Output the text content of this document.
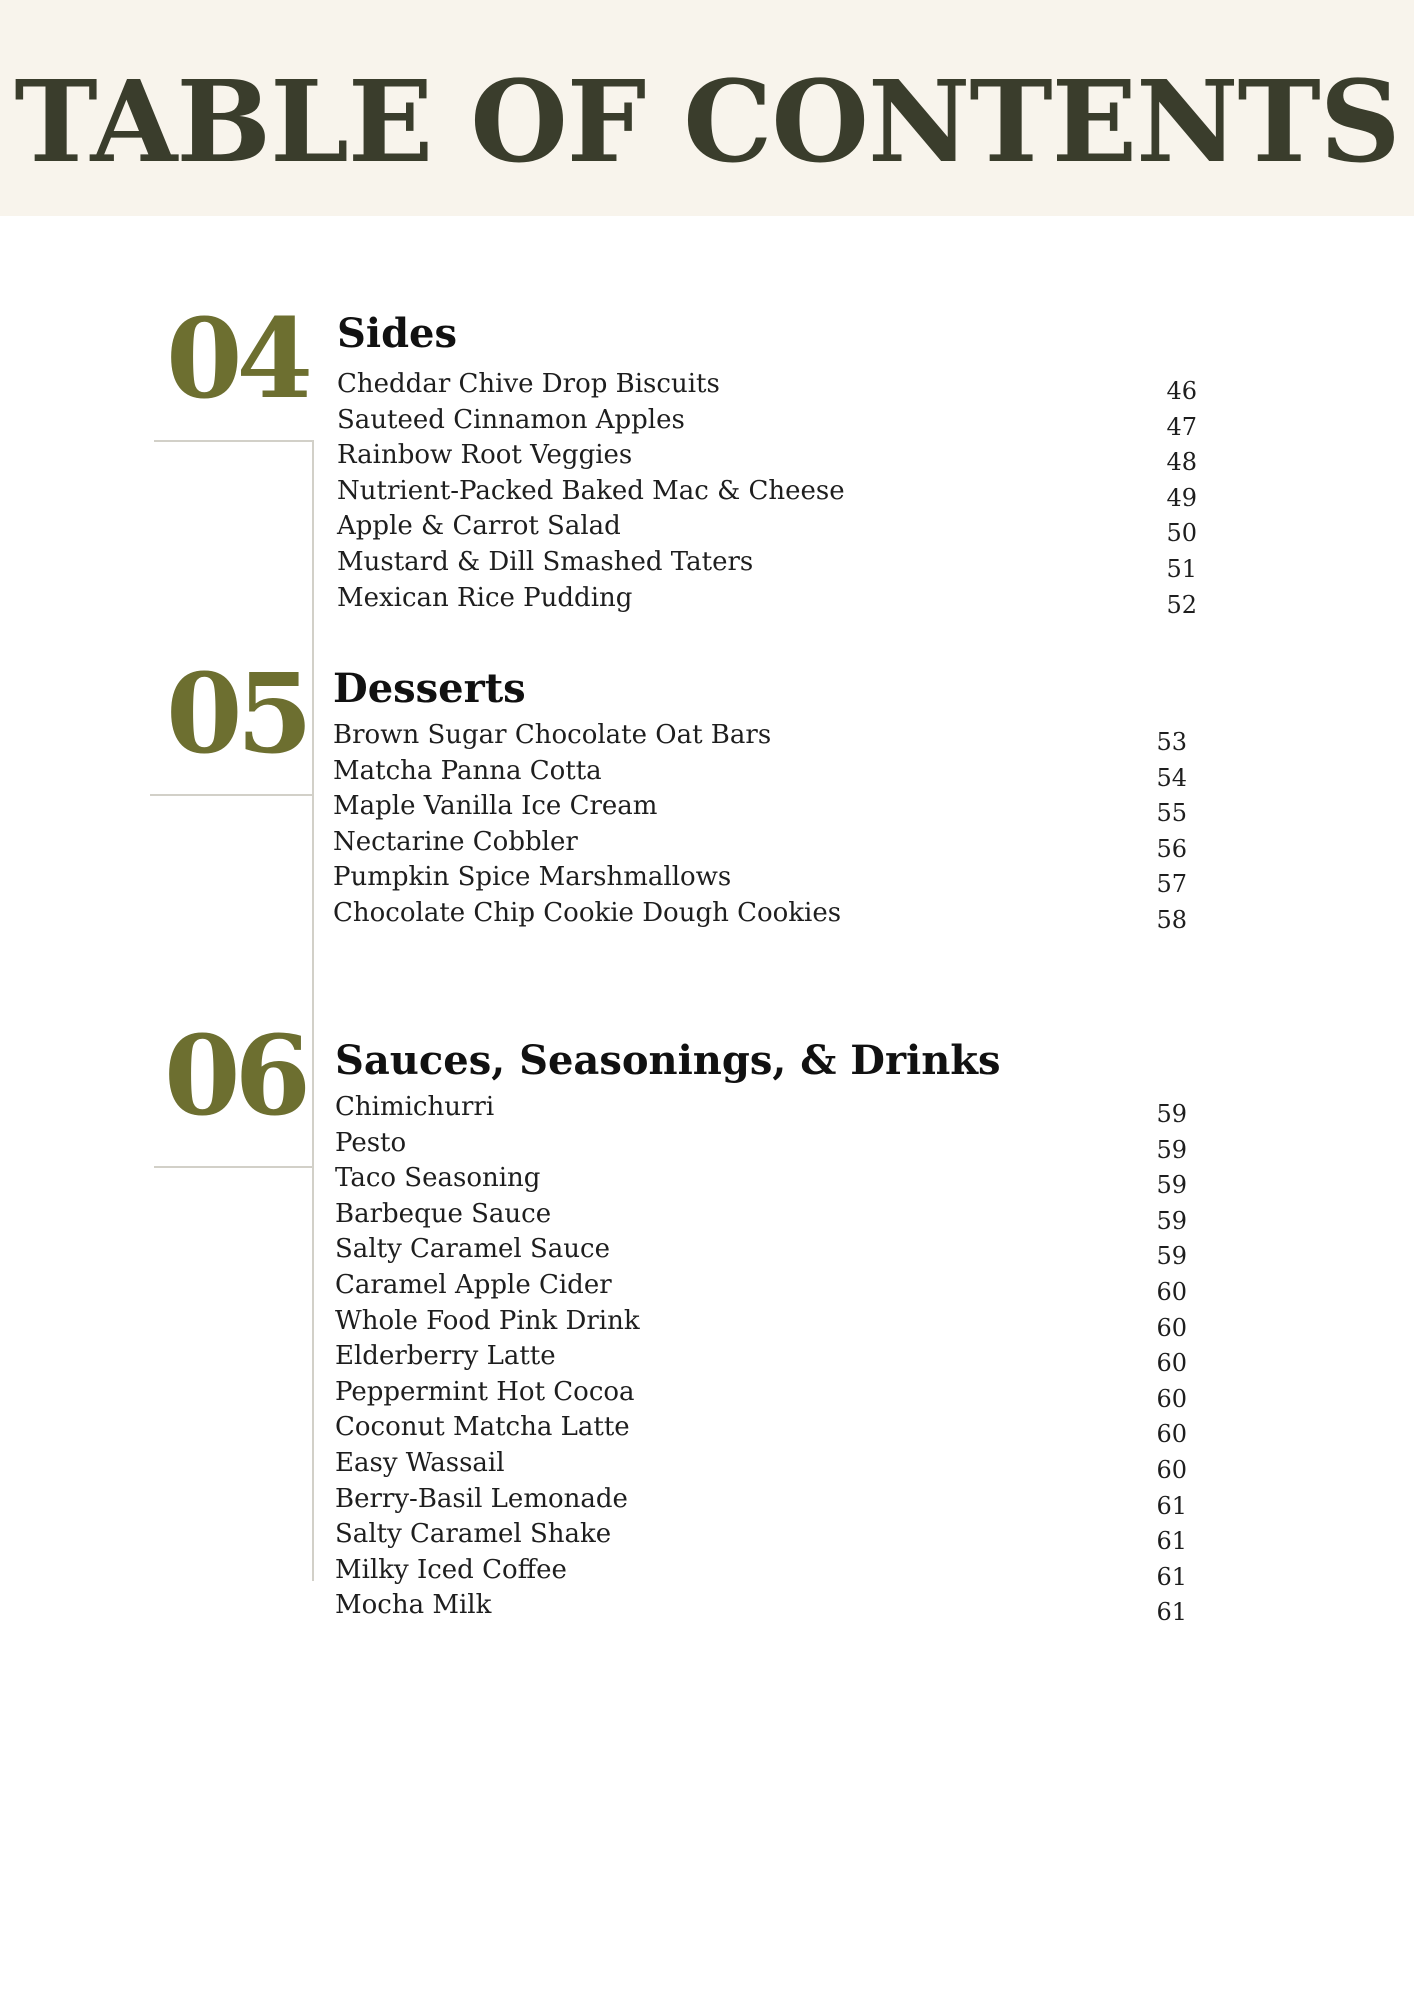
TABLE OF CONTENTS
04 Sides
Cheddar Chive Drop Biscuits	46
Sauteed Cinnamon Apples	47
Rainbow Root Veggies	48
Nutrient-Packed Baked Mac & Cheese	49
Apple & Carrot Salad	50
Mustard & Dill Smashed Taters	51
Mexican Rice Pudding	52
05 Desserts
Brown Sugar Chocolate Oat Bars	53
Matcha Panna Cotta	54
Maple Vanilla Ice Cream	55
Nectarine Cobbler	56
Pumpkin Spice Marshmallows	57
Chocolate Chip Cookie Dough Cookies	58
06 Sauces, Seasonings, & Drinks
Chimichurri	59
Pesto	59
Taco Seasoning	59
Barbeque Sauce	59
Salty Caramel Sauce	59
Caramel Apple Cider	60
Whole Food Pink Drink	60
Elderberry Latte	60
Peppermint Hot Cocoa	60
Coconut Matcha Latte	60
Easy Wassail	60
Berry-Basil Lemonade	61
Salty Caramel Shake	61
Milky Iced Coffee	61
Mocha Milk	61
